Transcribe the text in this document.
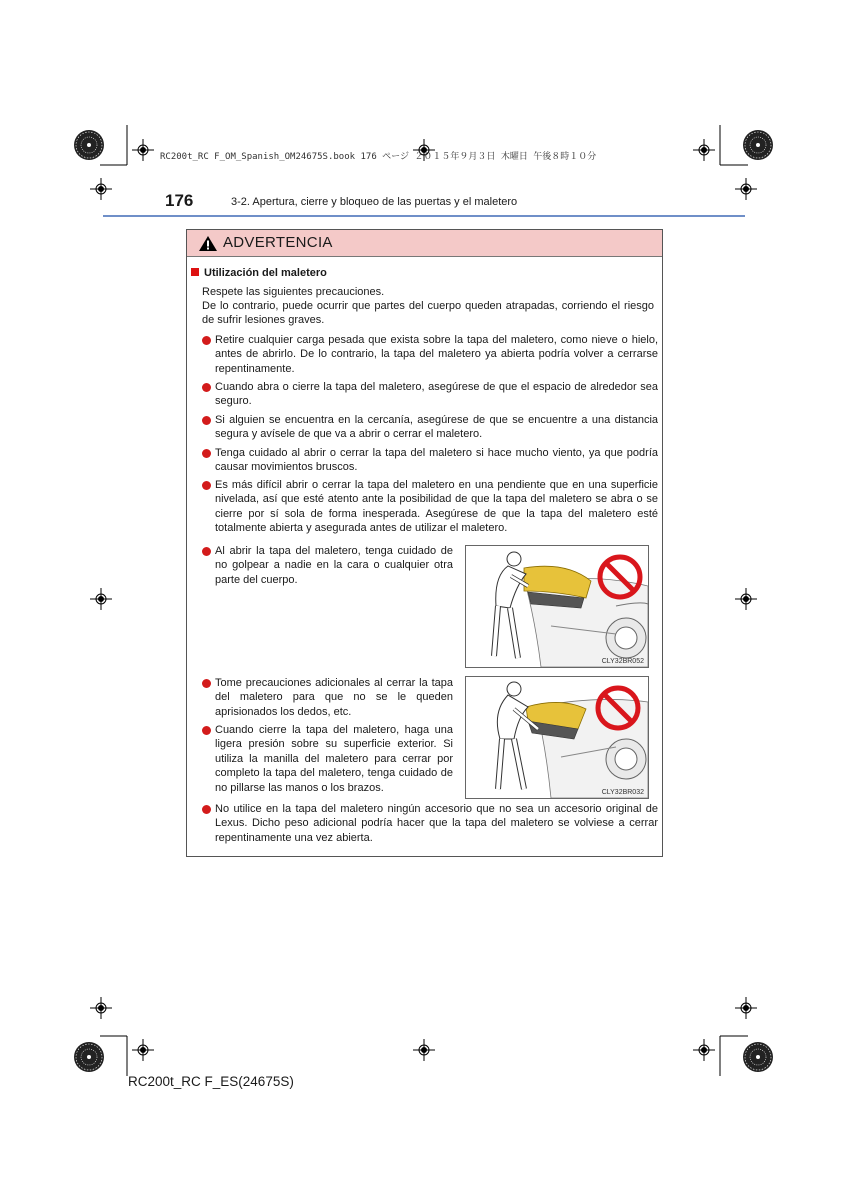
RC200t_RC F_OM_Spanish_OM24675S.book 176 ページ ２０１５年９月３日 木曜日 午後８時１０分
176	3-2. Apertura, cierre y bloqueo de las puertas y el maletero
ADVERTENCIA
Utilización del maletero
Respete las siguientes precauciones.
De lo contrario, puede ocurrir que partes del cuerpo queden atrapadas, corriendo el riesgo de sufrir lesiones graves.
Retire cualquier carga pesada que exista sobre la tapa del maletero, como nieve o hielo, antes de abrirlo. De lo contrario, la tapa del maletero ya abierta podría volver a cerrarse repentinamente.
Cuando abra o cierre la tapa del maletero, asegúrese de que el espacio de alrededor sea seguro.
Si alguien se encuentra en la cercanía, asegúrese de que se encuentre a una distancia segura y avísele de que va a abrir o cerrar el maletero.
Tenga cuidado al abrir o cerrar la tapa del maletero si hace mucho viento, ya que podría causar movimientos bruscos.
Es más difícil abrir o cerrar la tapa del maletero en una pendiente que en una superficie nivelada, así que esté atento ante la posibilidad de que la tapa del maletero se abra o se cierre por sí sola de forma inesperada. Asegúrese de que la tapa del maletero esté totalmente abierta y asegurada antes de utilizar el maletero.
Al abrir la tapa del maletero, tenga cuidado de no golpear a nadie en la cara o cualquier otra parte del cuerpo.
CLY32BR052
Tome precauciones adicionales al cerrar la tapa del maletero para que no se le queden aprisionados los dedos, etc.
Cuando cierre la tapa del maletero, haga una ligera presión sobre su superficie exterior. Si utiliza la manilla del maletero para cerrar por completo la tapa del maletero, tenga cuidado de no pillarse las manos o los brazos.	CLY32BR032
No utilice en la tapa del maletero ningún accesorio que no sea un accesorio original de Lexus. Dicho peso adicional podría hacer que la tapa del maletero se volviese a cerrar repentinamente una vez abierta.
RC200t_RC F_ES(24675S)
